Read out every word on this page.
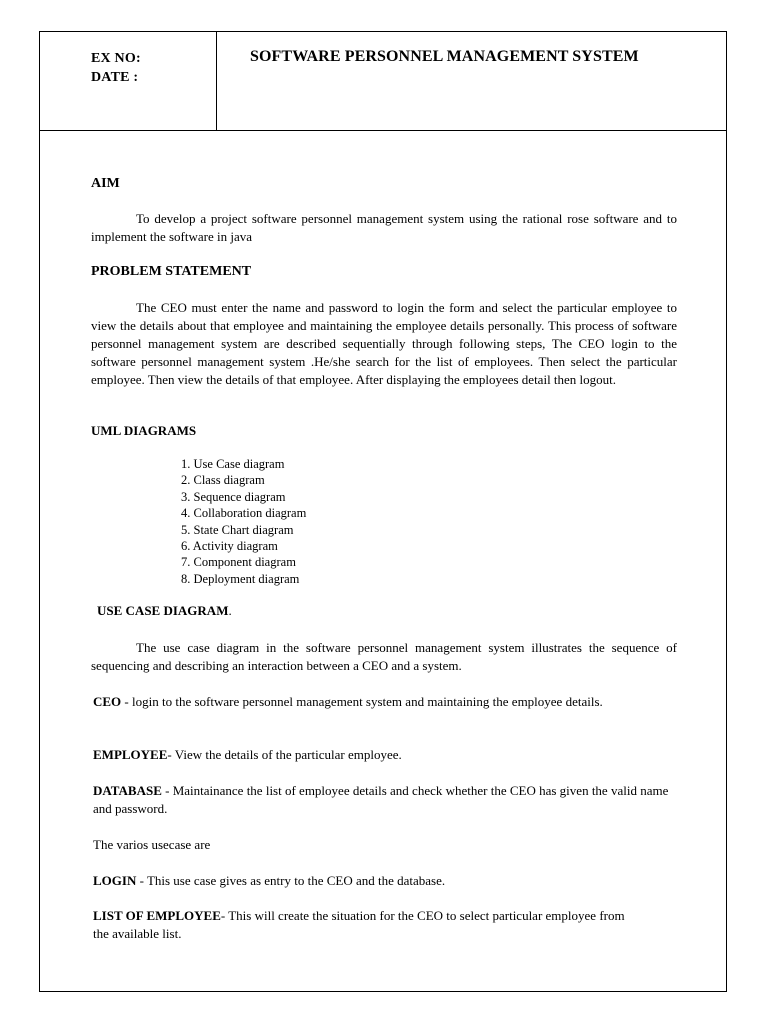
EX NO:
DATE :
SOFTWARE PERSONNEL MANAGEMENT SYSTEM
AIM
To develop a project software personnel management system using the rational rose software and to implement the software in java
PROBLEM STATEMENT
The CEO must enter the name and password to login the form and select the particular employee to view the details about that employee and maintaining the employee details personally. This process of software personnel management system are described sequentially through following steps, The CEO login to the software personnel management system .He/she search for the list of employees. Then select the particular employee. Then view the details of that employee. After displaying the employees detail then logout.
UML DIAGRAMS
1. Use Case diagram
2. Class diagram
3. Sequence diagram
4. Collaboration diagram
5. State Chart diagram
6. Activity diagram
7. Component diagram
8. Deployment diagram
USE CASE DIAGRAM.
The use case diagram in the software personnel management system illustrates the sequence of sequencing and describing an interaction between a CEO and a system.
CEO - login to the software personnel management system and maintaining the employee details.
EMPLOYEE- View the details of the particular employee.
DATABASE - Maintainance the list of employee details and check whether the CEO has given the valid name and password.
The varios usecase are
LOGIN - This use case gives as entry to the CEO and the database.
LIST OF EMPLOYEE- This will create the situation for the CEO to select particular employee from the available list.
